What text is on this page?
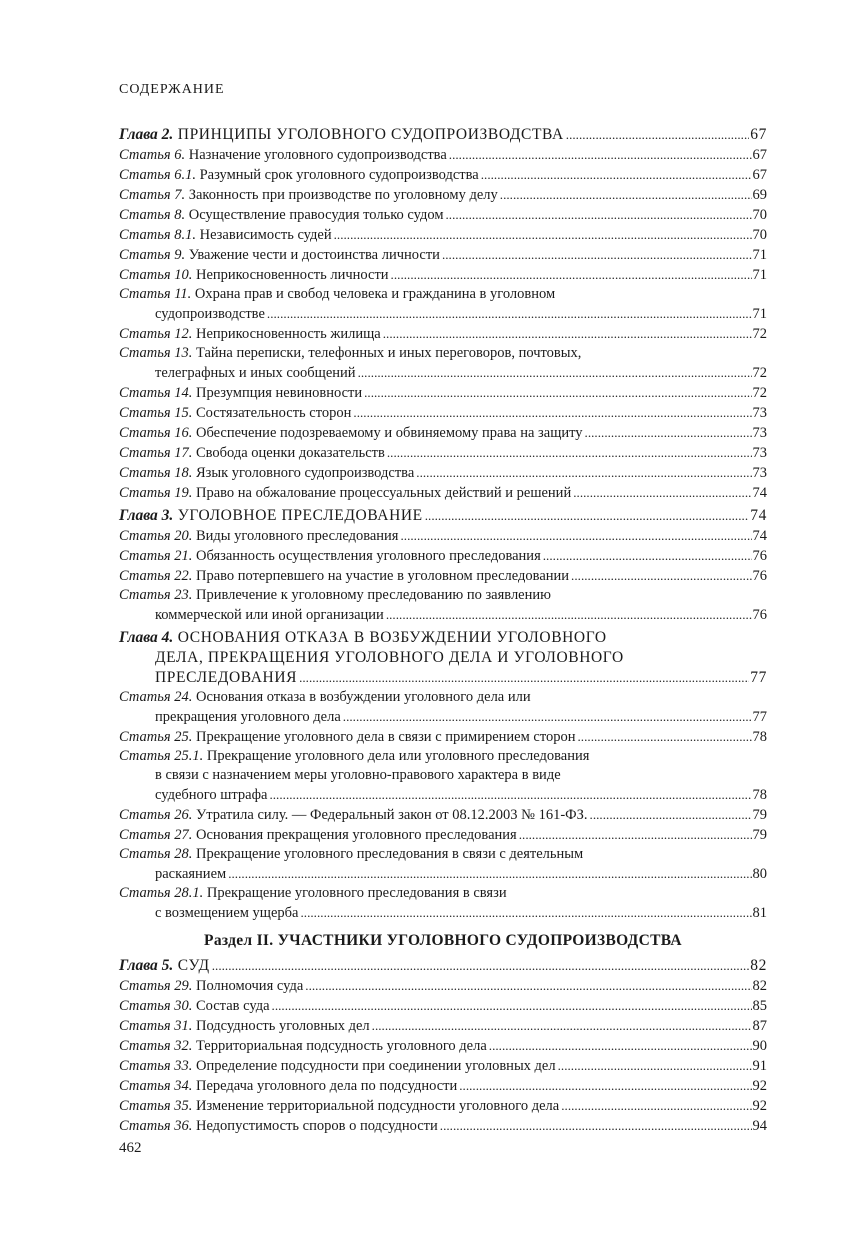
СОДЕРЖАНИЕ
Глава 2. ПРИНЦИПЫ УГОЛОВНОГО СУДОПРОИЗВОДСТВА . . .	67
Статья 6. Назначение уголовного судопроизводства . . .	67
Статья 6.1. Разумный срок уголовного судопроизводства . . .	67
Статья 7. Законность при производстве по уголовному делу . . .	69
Статья 8. Осуществление правосудия только судом . . .	70
Статья 8.1. Независимость судей . . .	70
Статья 9. Уважение чести и достоинства личности . . .	71
Статья 10. Неприкосновенность личности . . .	71
Статья 11. Охрана прав и свобод человека и гражданина в уголовном
судопроизводстве . . .	71
Статья 12. Неприкосновенность жилища . . .	72
Статья 13. Тайна переписки, телефонных и иных переговоров, почтовых,
телеграфных и иных сообщений . . .	72
Статья 14. Презумпция невиновности . . .	72
Статья 15. Состязательность сторон . . .	73
Статья 16. Обеспечение подозреваемому и обвиняемому права на защиту . . .	73
Статья 17. Свобода оценки доказательств . . .	73
Статья 18. Язык уголовного судопроизводства . . .	73
Статья 19. Право на обжалование процессуальных действий и решений . . .	74
Глава 3. УГОЛОВНОЕ ПРЕСЛЕДОВАНИЕ . . .	74
Статья 20. Виды уголовного преследования . . .	74
Статья 21. Обязанность осуществления уголовного преследования . . .	76
Статья 22. Право потерпевшего на участие в уголовном преследовании . . .	76
Статья 23. Привлечение к уголовному преследованию по заявлению
коммерческой или иной организации . . .	76
Глава 4. ОСНОВАНИЯ ОТКАЗА В ВОЗБУЖДЕНИИ УГОЛОВНОГО
ДЕЛА, ПРЕКРАЩЕНИЯ УГОЛОВНОГО ДЕЛА И УГОЛОВНОГО
ПРЕСЛЕДОВАНИЯ . . .	77
Статья 24. Основания отказа в возбуждении уголовного дела или
прекращения уголовного дела . . .	77
Статья 25. Прекращение уголовного дела в связи с примирением сторон . . .	78
Статья 25.1. Прекращение уголовного дела или уголовного преследования
в связи с назначением меры уголовно-правового характера в виде
судебного штрафа . . .	78
Статья 26. Утратила силу. — Федеральный закон от 08.12.2003 № 161-ФЗ. . . .	79
Статья 27. Основания прекращения уголовного преследования . . .	79
Статья 28. Прекращение уголовного преследования в связи с деятельным
раскаянием . . .	80
Статья 28.1. Прекращение уголовного преследования в связи
с возмещением ущерба . . .	81
Раздел II. УЧАСТНИКИ УГОЛОВНОГО СУДОПРОИЗВОДСТВА
Глава 5. СУД . . .	82
Статья 29. Полномочия суда . . .	82
Статья 30. Состав суда . . .	85
Статья 31. Подсудность уголовных дел . . .	87
Статья 32. Территориальная подсудность уголовного дела . . .	90
Статья 33. Определение подсудности при соединении уголовных дел . . .	91
Статья 34. Передача уголовного дела по подсудности . . .	92
Статья 35. Изменение территориальной подсудности уголовного дела . . .	92
Статья 36. Недопустимость споров о подсудности . . .	94
462
